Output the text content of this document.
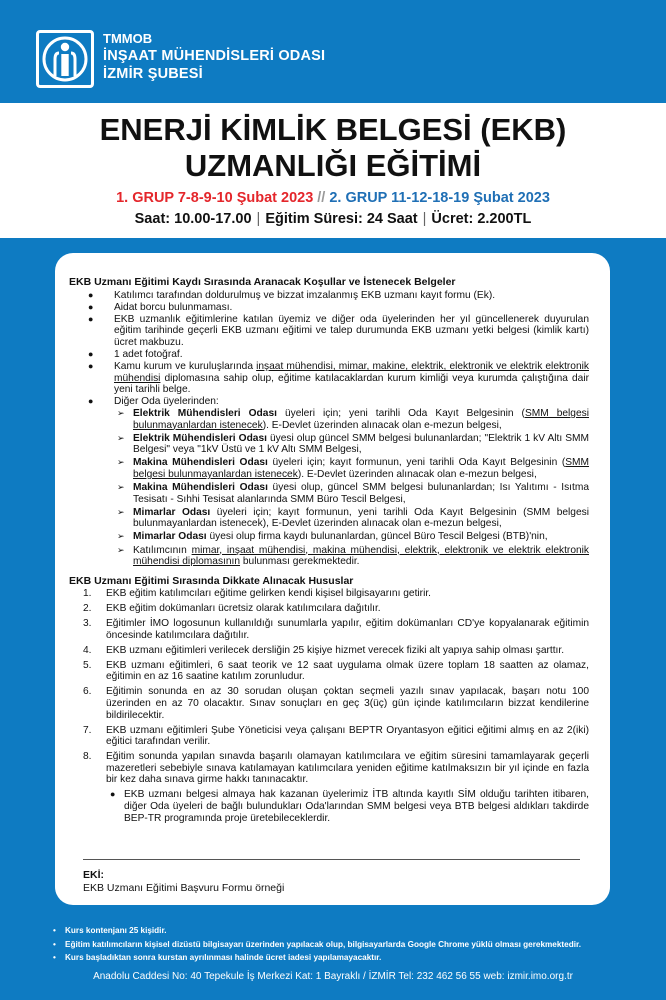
TMMOB
İNŞAAT MÜHENDİSLERİ ODASI
İZMİR ŞUBESİ
ENERJİ KİMLİK BELGESİ (EKB)
UZMANLIĞI EĞİTİMİ
1. GRUP 7-8-9-10 Şubat 2023 // 2. GRUP 11-12-18-19 Şubat 2023
Saat: 10.00-17.00 | Eğitim Süresi: 24 Saat | Ücret: 2.200TL
EKB Uzmanı Eğitimi Kaydı Sırasında Aranacak Koşullar ve İstenecek Belgeler
● Katılımcı tarafından doldurulmuş ve bizzat imzalanmış EKB uzmanı kayıt formu (Ek).
● Aidat borcu bulunmaması.
● EKB uzmanlık eğitimlerine katılan üyemiz ve diğer oda üyelerinden her yıl güncellenerek duyurulan eğitim tarihinde geçerli EKB uzmanı eğitimi ve talep durumunda EKB uzmanı yetki belgesi (kimlik kartı) ücret makbuzu.
● 1 adet fotoğraf.
● Kamu kurum ve kuruluşlarında inşaat mühendisi, mimar, makine, elektrik, elektronik ve elektrik elektronik mühendisi diplomasına sahip olup, eğitime katılacaklardan kurum kimliği veya kurumda çalıştığına dair yeni tarihli belge.
● Diğer Oda üyelerinden:
➢ Elektrik Mühendisleri Odası üyeleri için; yeni tarihli Oda Kayıt Belgesinin (SMM belgesi bulunmayanlardan istenecek). E-Devlet üzerinden alınacak olan e-mezun belgesi,
➢ Elektrik Mühendisleri Odası üyesi olup güncel SMM belgesi bulunanlardan; "Elektrik 1 kV Altı SMM Belgesi" veya "1kV Üstü ve 1 kV Altı SMM Belgesi,
➢ Makina Mühendisleri Odası üyeleri için; kayıt formunun, yeni tarihli Oda Kayıt Belgesinin (SMM belgesi bulunmayanlardan istenecek). E-Devlet üzerinden alınacak olan e-mezun belgesi,
➢ Makina Mühendisleri Odası üyesi olup, güncel SMM belgesi bulunanlardan; Isı Yalıtımı - Isıtma Tesisatı - Sıhhi Tesisat alanlarında SMM Büro Tescil Belgesi,
➢ Mimarlar Odası üyeleri için; kayıt formunun, yeni tarihli Oda Kayıt Belgesinin (SMM belgesi bulunmayanlardan istenecek), E-Devlet üzerinden alınacak olan e-mezun belgesi,
➢ Mimarlar Odası üyesi olup firma kaydı bulunanlardan, güncel Büro Tescil Belgesi (BTB)'nin,
➢ Katılımcının mimar, inşaat mühendisi, makina mühendisi, elektrik, elektronik ve elektrik elektronik mühendisi diplomasının bulunması gerekmektedir.
EKB Uzmanı Eğitimi Sırasında Dikkate Alınacak Hususlar
1. EKB eğitim katılımcıları eğitime gelirken kendi kişisel bilgisayarını getirir.
2. EKB eğitim dokümanları ücretsiz olarak katılımcılara dağıtılır.
3. Eğitimler İMO logosunun kullanıldığı sunumlarla yapılır, eğitim dokümanları CD'ye kopyalanarak eğitimin öncesinde katılımcılara dağıtılır.
4. EKB uzmanı eğitimleri verilecek dersliğin 25 kişiye hizmet verecek fiziki alt yapıya sahip olması şarttır.
5. EKB uzmanı eğitimleri, 6 saat teorik ve 12 saat uygulama olmak üzere toplam 18 saatten az olamaz, eğitimin en az 16 saatine katılım zorunludur.
6. Eğitimin sonunda en az 30 sorudan oluşan çoktan seçmeli yazılı sınav yapılacak, başarı notu 100 üzerinden en az 70 olacaktır. Sınav sonuçları en geç 3(üç) gün içinde katılımcıların bizzat kendilerine bildirilecektir.
7. EKB uzmanı eğitimleri Şube Yöneticisi veya çalışanı BEPTR Oryantasyon eğitici eğitimi almış en az 2(iki) eğitici tarafından verilir.
8. Eğitim sonunda yapılan sınavda başarılı olamayan katılımcılara ve eğitim süresini tamamlayarak geçerli mazeretleri sebebiyle sınava katılamayan katılımcılara yeniden eğitime katılmaksızın bir yıl içinde en fazla bir kez daha sınava girme hakkı tanınacaktır.
● EKB uzmanı belgesi almaya hak kazanan üyelerimiz İTB altında kayıtlı SİM olduğu tarihten itibaren, diğer Oda üyeleri de bağlı bulundukları Oda'larından SMM belgesi veya BTB belgesi aldıkları takdirde BEP-TR programında proje üretebileceklerdir.
EKİ:
EKB Uzmanı Eğitimi Başvuru Formu örneği
• Kurs kontenjanı 25 kişidir.
• Eğitim katılımcıların kişisel dizüstü bilgisayarı üzerinden yapılacak olup, bilgisayarlarda Google Chrome yüklü olması gerekmektedir.
• Kurs başladıktan sonra kurstan ayrılınması halinde ücret iadesi yapılamayacaktır.
Anadolu Caddesi No: 40 Tepekule İş Merkezi Kat: 1 Bayraklı / İZMİR Tel: 232 462 56 55 web: izmir.imo.org.tr
